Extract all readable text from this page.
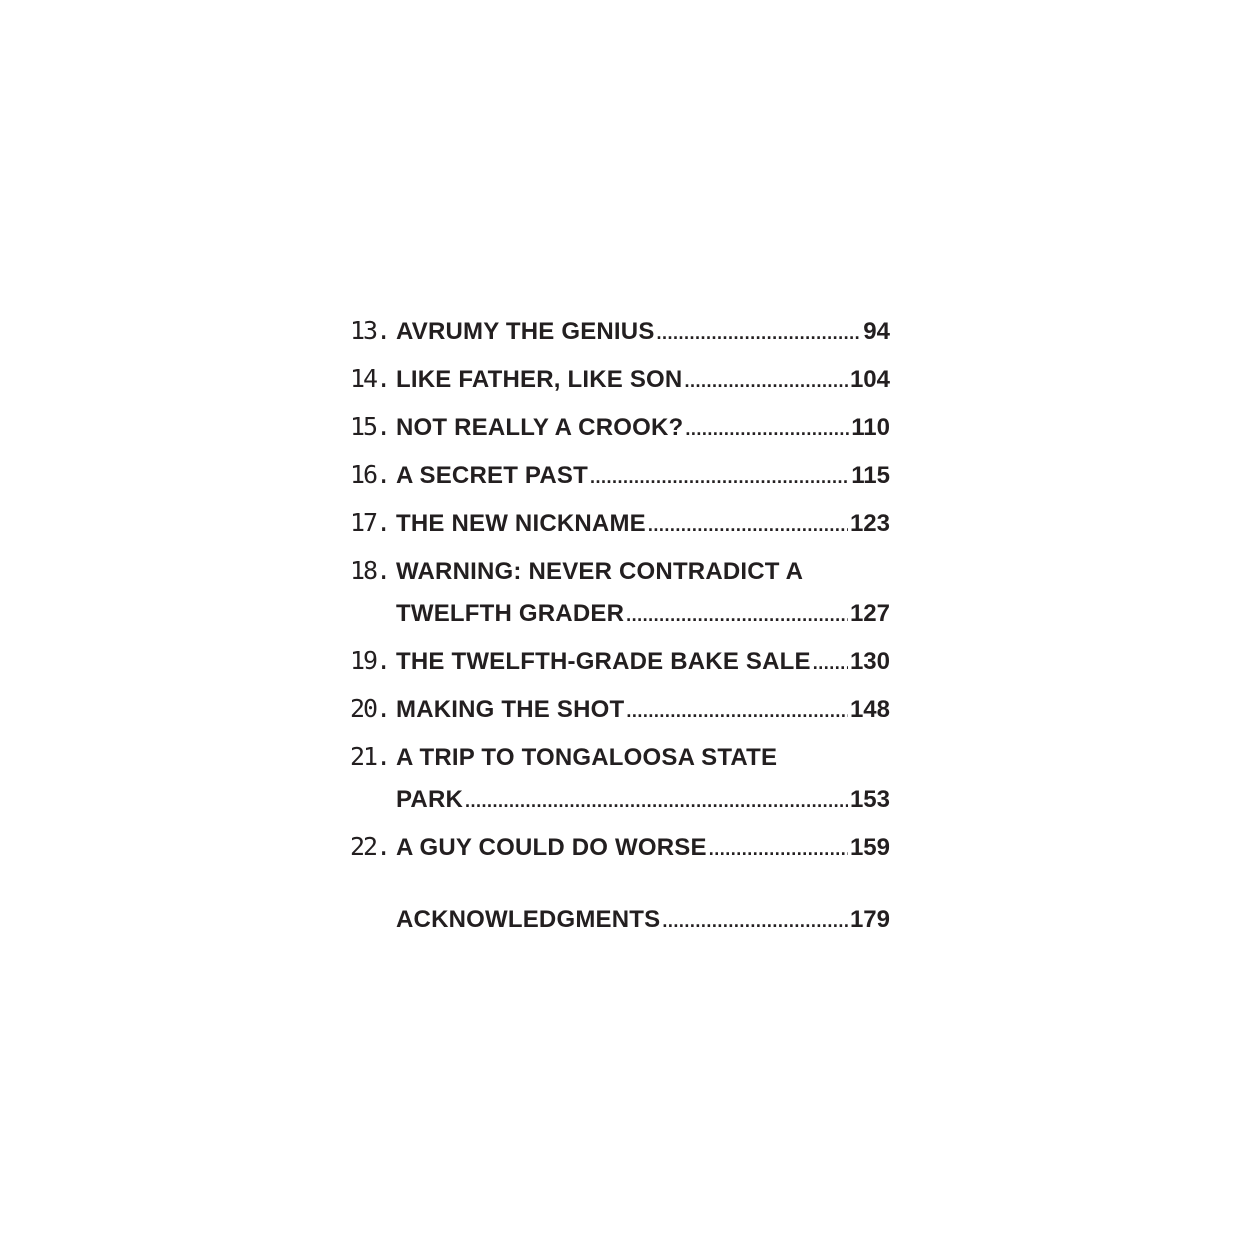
13. AVRUMY THE GENIUS .....	94
14. LIKE FATHER, LIKE SON .....	104
15. NOT REALLY A CROOK? .....	110
16. A SECRET PAST .....	115
17. THE NEW NICKNAME .....	123
18. WARNING: NEVER CONTRADICT A
TWELFTH GRADER .....	127
19. THE TWELFTH-GRADE BAKE SALE ..... 130
20. MAKING THE SHOT .....	148
21. A TRIP TO TONGALOOSA STATE
PARK .....	153
22. A GUY COULD DO WORSE .....	159
ACKNOWLEDGMENTS .....	179
